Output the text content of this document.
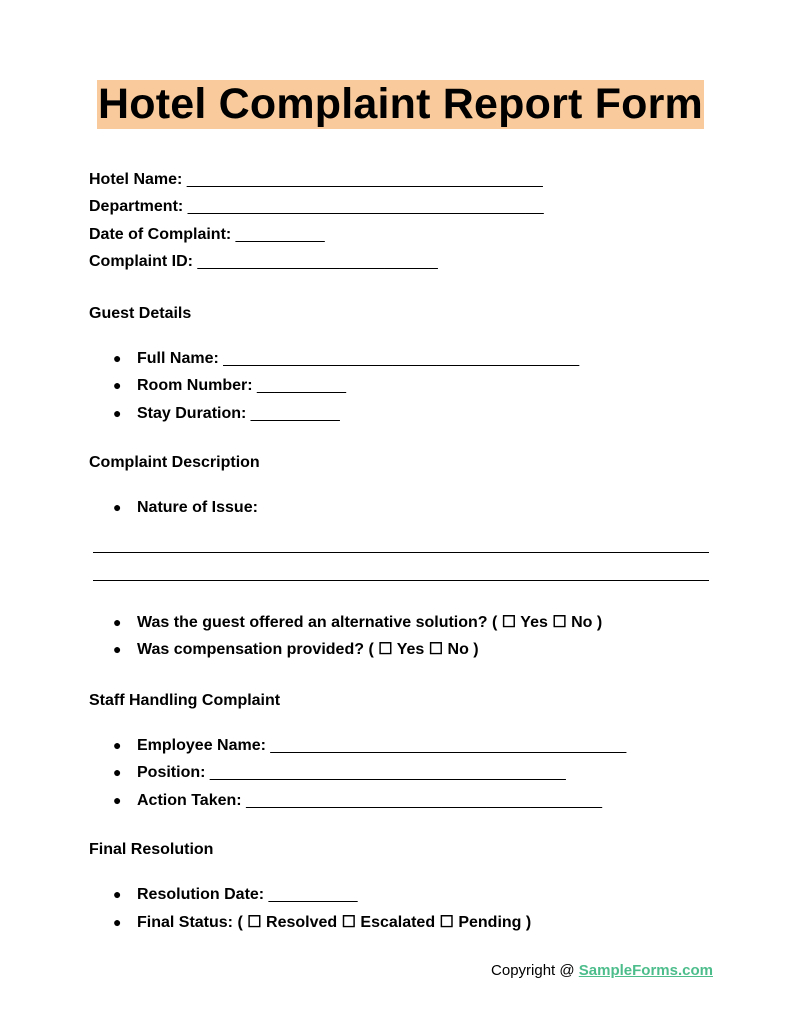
Hotel Complaint Report Form
Hotel Name: ________________________________________
Department: ________________________________________
Date of Complaint: __________
Complaint ID: ___________________________
Guest Details
● Full Name: ________________________________________
● Room Number: __________
● Stay Duration: __________
Complaint Description
● Nature of Issue:
● Was the guest offered an alternative solution? ( ☐ Yes ☐ No )
● Was compensation provided? ( ☐ Yes ☐ No )
Staff Handling Complaint
● Employee Name: ________________________________________
● Position: ________________________________________
● Action Taken: ________________________________________
Final Resolution
● Resolution Date: __________
● Final Status: ( ☐ Resolved ☐ Escalated ☐ Pending )
Copyright @ SampleForms.com
